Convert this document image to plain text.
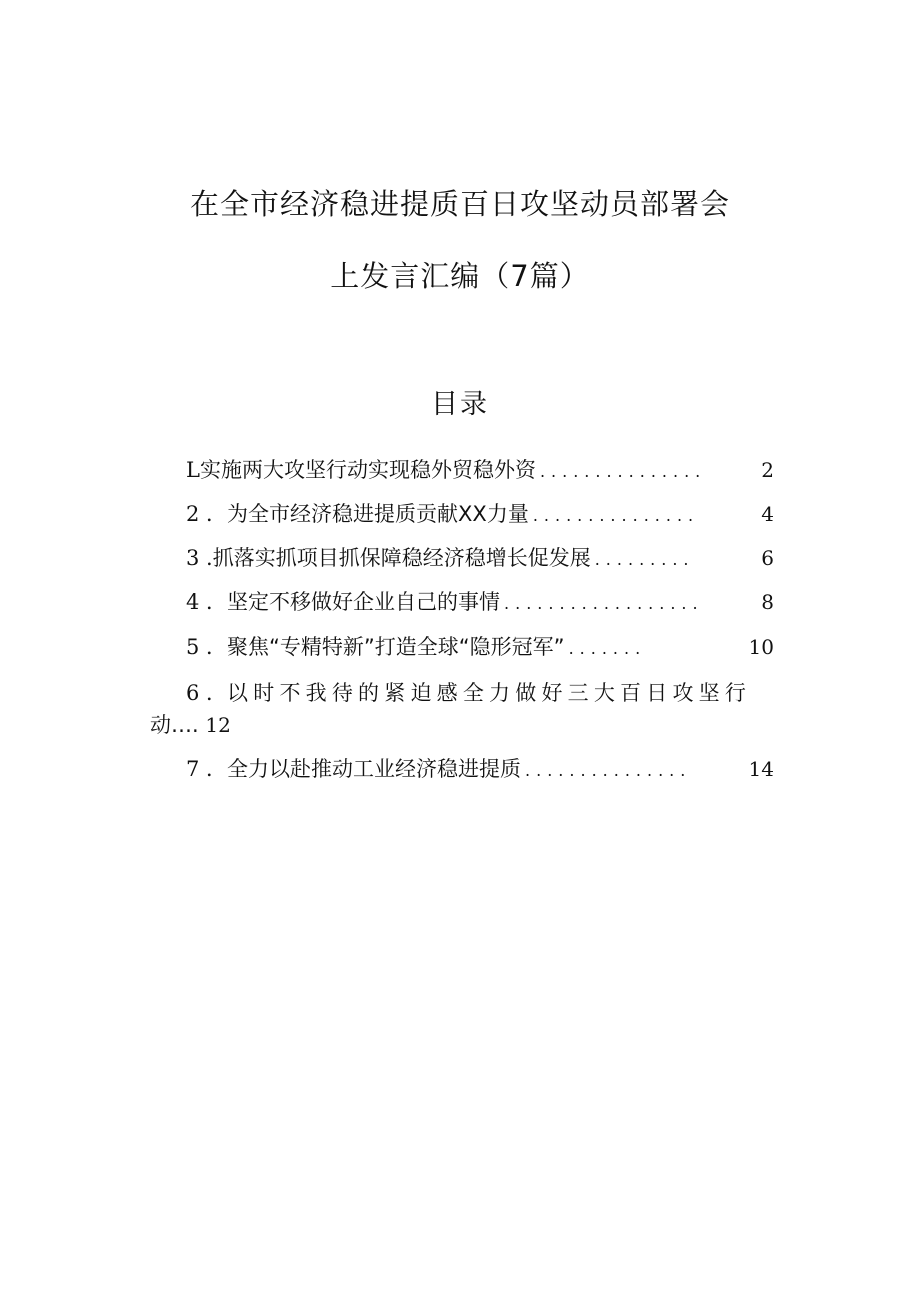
在全市经济稳进提质百日攻坚动员部署会
上发言汇编（7篇）
目录
L 实施两大攻坚行动实现稳外贸稳外资 ...............	2
2 ． 为全市经济稳进提质贡献XX力量 ...............	4
3 . 抓落实抓项目抓保障稳经济稳增长促发展 .........	6
4 ． 坚定不移做好企业自己的事情 ..................	8
5 ． 聚焦“专精特新”打造全球“隐形冠军” .......	10
6 ．以时不我待的紧迫感全力做好三大百日攻坚行
动…. 12
7 ． 全力以赴推动工业经济稳进提质 ...............	14
